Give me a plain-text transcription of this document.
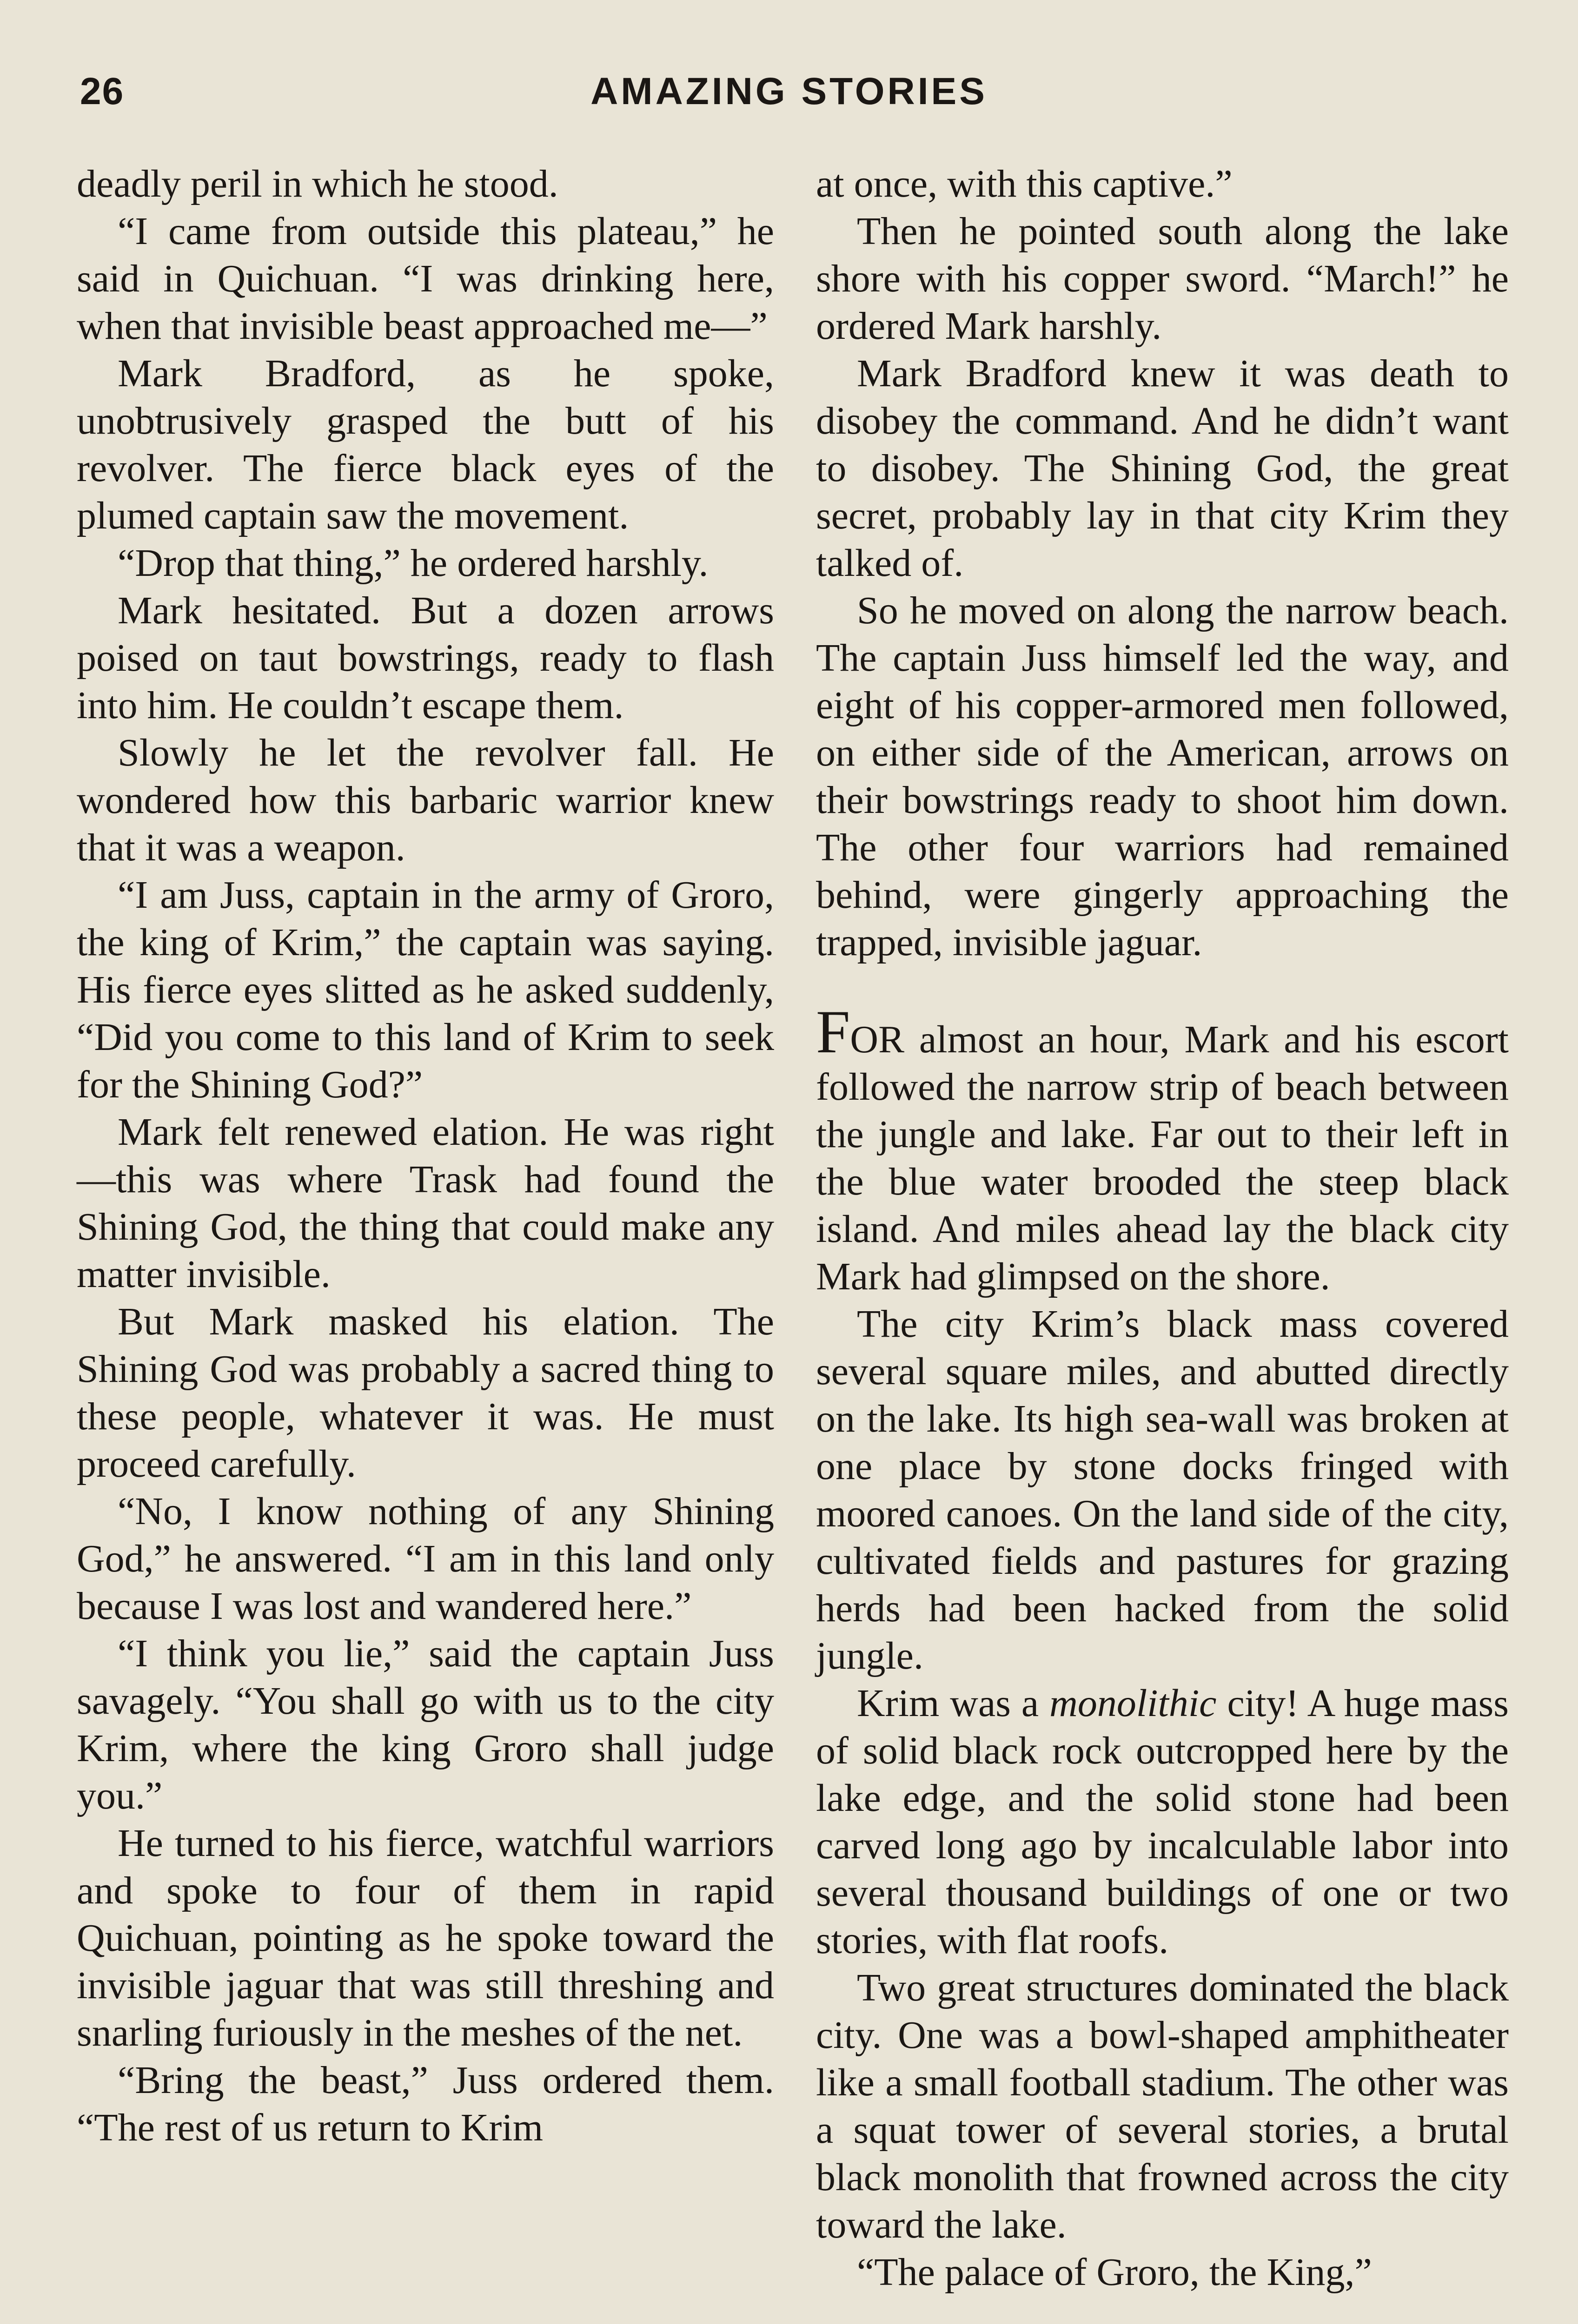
26	AMAZING STORIES

deadly peril in which he stood.

“I came from outside this plateau,” he said in Quichuan. “I was drinking here, when that invisible beast approached me—”

Mark Bradford, as he spoke, unobtrusively grasped the butt of his revolver. The fierce black eyes of the plumed captain saw the movement.

“Drop that thing,” he ordered harshly.

Mark hesitated. But a dozen arrows poised on taut bowstrings, ready to flash into him. He couldn’t escape them.

Slowly he let the revolver fall. He wondered how this barbaric warrior knew that it was a weapon.

“I am Juss, captain in the army of Groro, the king of Krim,” the captain was saying. His fierce eyes slitted as he asked suddenly, “Did you come to this land of Krim to seek for the Shining God?”

Mark felt renewed elation. He was right—this was where Trask had found the Shining God, the thing that could make any matter invisible.

But Mark masked his elation. The Shining God was probably a sacred thing to these people, whatever it was. He must proceed carefully.

“No, I know nothing of any Shining God,” he answered. “I am in this land only because I was lost and wandered here.”

“I think you lie,” said the captain Juss savagely. “You shall go with us to the city Krim, where the king Groro shall judge you.”

He turned to his fierce, watchful warriors and spoke to four of them in rapid Quichuan, pointing as he spoke toward the invisible jaguar that was still threshing and snarling furiously in the meshes of the net.

“Bring the beast,” Juss ordered them. “The rest of us return to Krim

at once, with this captive.”

Then he pointed south along the lake shore with his copper sword. “March!” he ordered Mark harshly.

Mark Bradford knew it was death to disobey the command. And he didn’t want to disobey. The Shining God, the great secret, probably lay in that city Krim they talked of.

So he moved on along the narrow beach. The captain Juss himself led the way, and eight of his copper-armored men followed, on either side of the American, arrows on their bowstrings ready to shoot him down. The other four warriors had remained behind, were gingerly approaching the trapped, invisible jaguar.

FOR almost an hour, Mark and his escort followed the narrow strip of beach between the jungle and lake. Far out to their left in the blue water brooded the steep black island. And miles ahead lay the black city Mark had glimpsed on the shore.

The city Krim’s black mass covered several square miles, and abutted directly on the lake. Its high sea-wall was broken at one place by stone docks fringed with moored canoes. On the land side of the city, cultivated fields and pastures for grazing herds had been hacked from the solid jungle.

Krim was a monolithic city! A huge mass of solid black rock outcropped here by the lake edge, and the solid stone had been carved long ago by incalculable labor into several thousand buildings of one or two stories, with flat roofs.

Two great structures dominated the black city. One was a bowl-shaped amphitheater like a small football stadium. The other was a squat tower of several stories, a brutal black monolith that frowned across the city toward the lake.

“The palace of Groro, the King,”
